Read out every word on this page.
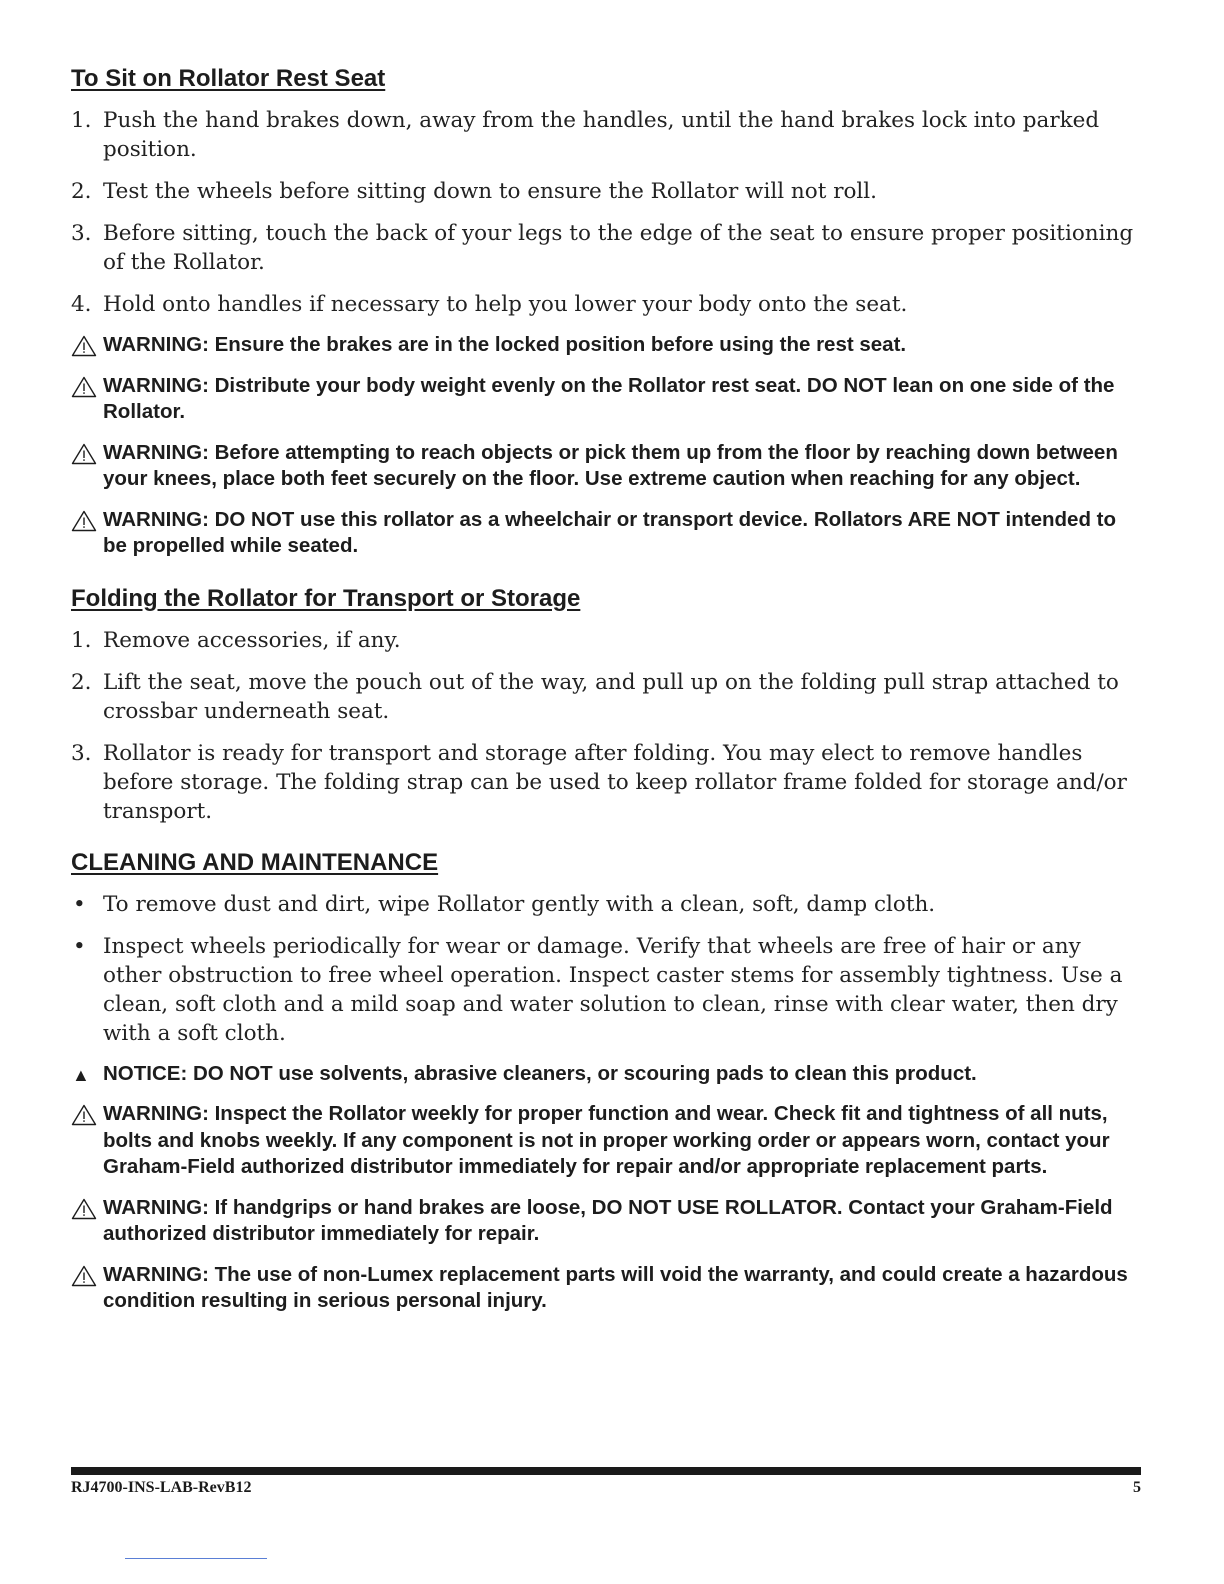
To Sit on Rollator Rest Seat
1. Push the hand brakes down, away from the handles, until the hand brakes lock into parked position.
2. Test the wheels before sitting down to ensure the Rollator will not roll.
3. Before sitting, touch the back of your legs to the edge of the seat to ensure proper positioning of the Rollator.
4. Hold onto handles if necessary to help you lower your body onto the seat.
WARNING: Ensure the brakes are in the locked position before using the rest seat.
WARNING: Distribute your body weight evenly on the Rollator rest seat. DO NOT lean on one side of the Rollator.
WARNING: Before attempting to reach objects or pick them up from the floor by reaching down between your knees, place both feet securely on the floor. Use extreme caution when reaching for any object.
WARNING: DO NOT use this rollator as a wheelchair or transport device. Rollators ARE NOT intended to be propelled while seated.
Folding the Rollator for Transport or Storage
1. Remove accessories, if any.
2. Lift the seat, move the pouch out of the way, and pull up on the folding pull strap attached to crossbar underneath seat.
3. Rollator is ready for transport and storage after folding. You may elect to remove handles before storage. The folding strap can be used to keep rollator frame folded for storage and/or transport.
CLEANING AND MAINTENANCE
• To remove dust and dirt, wipe Rollator gently with a clean, soft, damp cloth.
• Inspect wheels periodically for wear or damage. Verify that wheels are free of hair or any other obstruction to free wheel operation. Inspect caster stems for assembly tightness. Use a clean, soft cloth and a mild soap and water solution to clean, rinse with clear water, then dry with a soft cloth.
▲ NOTICE: DO NOT use solvents, abrasive cleaners, or scouring pads to clean this product.
WARNING: Inspect the Rollator weekly for proper function and wear. Check fit and tightness of all nuts, bolts and knobs weekly. If any component is not in proper working order or appears worn, contact your Graham-Field authorized distributor immediately for repair and/or appropriate replacement parts.
WARNING: If handgrips or hand brakes are loose, DO NOT USE ROLLATOR. Contact your Graham-Field authorized distributor immediately for repair.
WARNING: The use of non-Lumex replacement parts will void the warranty, and could create a hazardous condition resulting in serious personal injury.
RJ4700-INS-LAB-RevB12	5
